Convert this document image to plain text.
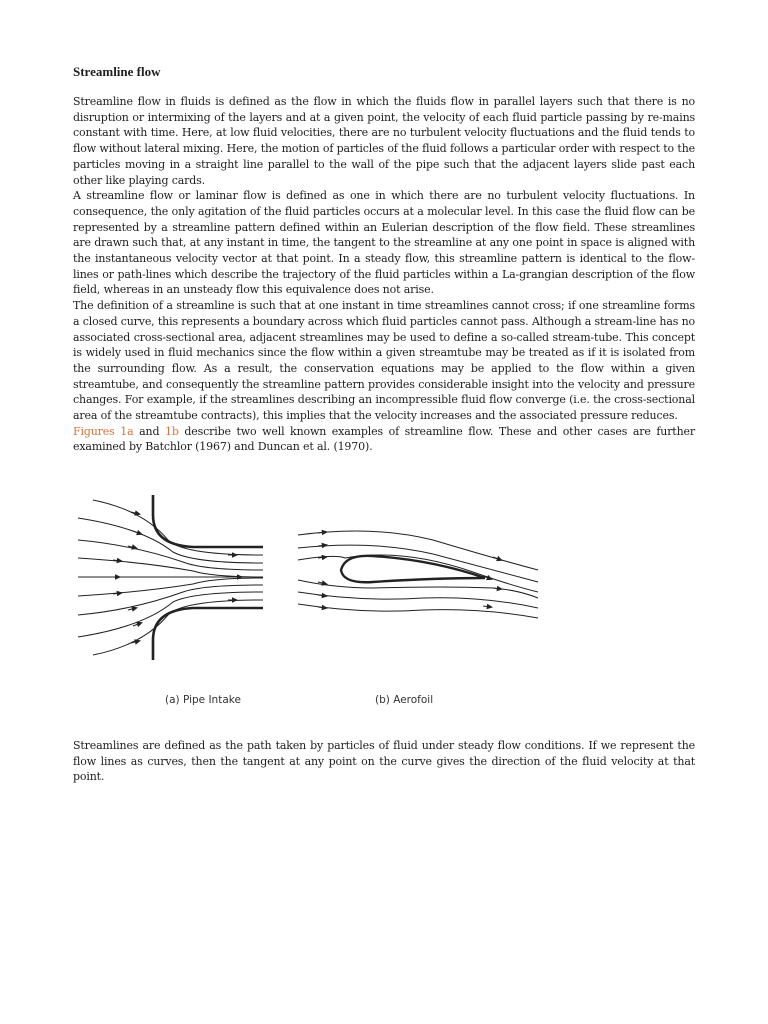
Streamline flow

Streamline flow in fluids is defined as the flow in which the fluids flow in parallel layers such that there is no disruption or intermixing of the layers and at a given point, the velocity of each fluid particle passing by re-mains constant with time. Here, at low fluid velocities, there are no turbulent velocity fluctuations and the fluid tends to flow without lateral mixing. Here, the motion of particles of the fluid follows a particular order with respect to the particles moving in a straight line parallel to the wall of the pipe such that the adjacent layers slide past each other like playing cards.

A streamline flow or laminar flow is defined as one in which there are no turbulent velocity fluctuations. In consequence, the only agitation of the fluid particles occurs at a molecular level. In this case the fluid flow can be represented by a streamline pattern defined within an Eulerian description of the flow field. These streamlines are drawn such that, at any instant in time, the tangent to the streamline at any one point in space is aligned with the instantaneous velocity vector at that point. In a steady flow, this streamline pattern is identical to the flow-lines or path-lines which describe the trajectory of the fluid particles within a La-grangian description of the flow field, whereas in an unsteady flow this equivalence does not arise.

The definition of a streamline is such that at one instant in time streamlines cannot cross; if one streamline forms a closed curve, this represents a boundary across which fluid particles cannot pass. Although a stream-line has no associated cross-sectional area, adjacent streamlines may be used to define a so-called stream-tube. This concept is widely used in fluid mechanics since the flow within a given streamtube may be treated as if it is isolated from the surrounding flow. As a result, the conservation equations may be applied to the flow within a given streamtube, and consequently the streamline pattern provides considerable insight into the velocity and pressure changes. For example, if the streamlines describing an incompressible fluid flow converge (i.e. the cross-sectional area of the streamtube contracts), this implies that the velocity increases and the associated pressure reduces.

Figures 1a and 1b describe two well known examples of streamline flow. These and other cases are further examined by Batchlor (1967) and Duncan et al. (1970).

(a) Pipe Intake	(b) Aerofoil

Streamlines are defined as the path taken by particles of fluid under steady flow conditions. If we represent the flow lines as curves, then the tangent at any point on the curve gives the direction of the fluid velocity at that point.
